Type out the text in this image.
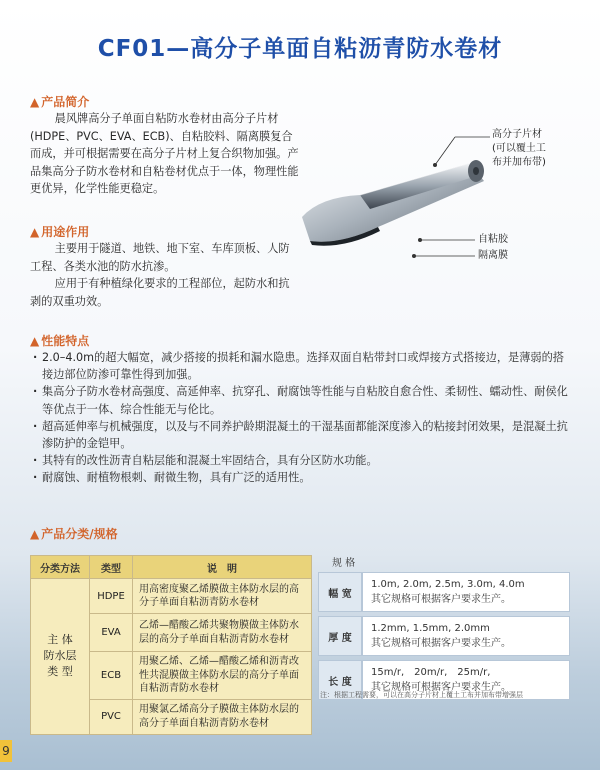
CF01—高分子单面自粘沥青防水卷材
▲ 产品简介

晨风牌高分子单面自粘防水卷材由高分子片材 (HDPE、PVC、EVA、ECB)、自粘胶料、隔离膜复合而成，并可根据需要在高分子片材上复合织物加强。产品集高分子防水卷材和自粘卷材优点于一体，物理性能更优异，化学性能更稳定。

高分子片材
(可以覆土工
布并加布带)
自粘胶
隔离膜
▲ 用途作用

主要用于隧道、地铁、地下室、车库顶板、人防工程、各类水池的防水抗渗。

应用于有种植绿化要求的工程部位，起防水和抗剥的双重功效。

▲ 性能特点

· 2.0–4.0m的超大幅宽，减少搭接的损耗和漏水隐患。选择双面自粘带封口或焊接方式搭接边，是薄弱的搭接边部位防渗可靠性得到加强。

· 集高分子防水卷材高强度、高延伸率、抗穿孔、耐腐蚀等性能与自粘胶自愈合性、柔韧性、蠕动性、耐侯化等优点于一体、综合性能无与伦比。

· 超高延伸率与机械强度，以及与不同养护龄期混凝土的干湿基面都能深度渗入的粘接封闭效果，是混凝土抗渗防护的金铠甲。

· 其特有的改性沥青自粘层能和混凝土牢固结合，具有分区防水功能。

· 耐腐蚀、耐植物根刺、耐微生物，具有广泛的适用性。

▲ 产品分类/规格
分类方法	类型	说　明
主 体
防水层
类 型	HDPE	用高密度聚乙烯膜做主体防水层的高分子单面自粘沥青防水卷材
	EVA	乙烯—醋酸乙烯共聚物膜做主体防水层的高分子单面自粘沥青防水卷材
	ECB	用聚乙烯、乙烯—醋酸乙烯和沥青改性共混膜做主体防水层的高分子单面自粘沥青防水卷材
	PVC	用聚氯乙烯高分子膜做主体防水层的高分子单面自粘沥青防水卷材
规 格
幅 宽	1.0m, 2.0m, 2.5m, 3.0m, 4.0m
其它规格可根据客户要求生产。
厚 度	1.2mm, 1.5mm, 2.0mm
其它规格可根据客户要求生产。
长 度	15m/r,　20m/r,　25m/r,
其它规格可根据客户要求生产。
注：根据工程需要，可以在高分子片材上覆土工布并加布带增强层
9
